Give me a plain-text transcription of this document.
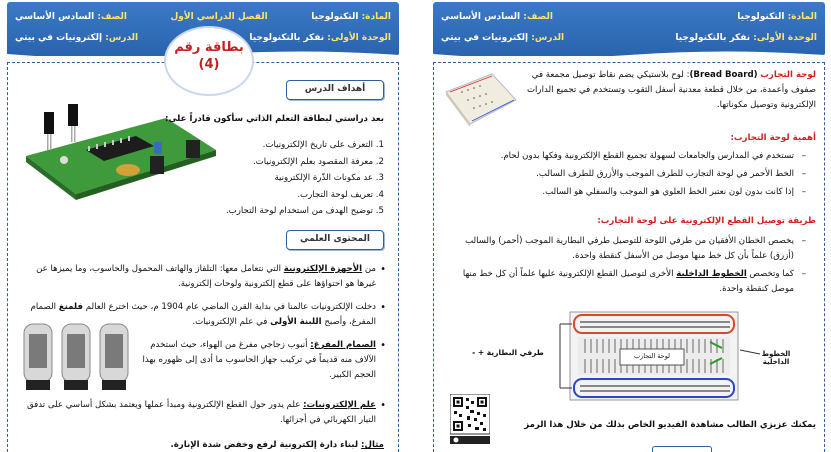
المادة: التكنولوجيا
الفصل الدراسي الأول
الصف: السادس الأساسي
الوحدة الأولى: نفكر بالتكنولوجيا
الدرس: إلكترونيات في بيتي
بطاقة رقم
(4)
أهداف الدرس
بعد دراستي لبطاقة التعلم الذاتي سأكون قادراً على:
1. التعرف على تاريخ الإلكترونيات.
2. معرفة المقصود بعلم الإلكترونيات.
3. عد مكونات الذّرة الإلكترونية
4. تعريف لوحة التجارب.
5. توضيح الهدف من استخدام لوحة التجارب.
المحتوى العلمي
• من الأجهزة الإلكترونية التي نتعامل معها: التلفاز والهاتف المحمول والحاسوب، وما يميزها عن غيرها هو احتواؤها على قطع إلكترونية ولوحات إلكترونية.
• دخلت الإلكترونيات عالمنا في بداية القرن الماضي عام 1904 م، حيث اخترع العالم فلمنغ الصمام المفرغ، وأصبح اللبنة الأولى في علم الإلكترونيات.
• الصمام المفرغ: أنبوب زجاجي مفرغ من الهواء، حيث استخدم الآلاف منه قديماً في تركيب جهاز الحاسوب ما أدى إلى ظهوره بهذا الحجم الكبير.
• علم الإلكترونيات: علم يدور حول القطع الإلكترونية ومبدأ عملها ويعتمد بشكل أساسي على تدفق التيار الكهربائي في أجزائها.
مثال: لبناء دارة إلكترونية لرفع وخفض شدة الإنارة.
المادة: التكنولوجيا
الصف: السادس الأساسي
الوحدة الأولى: نفكر بالتكنولوجيا
الدرس: إلكترونيات في بيتي
لوحة التجارب (Bread Board): لوح بلاستيكي يضم نقاط توصيل مجمعة في صفوف وأعمدة، من خلال قطعة معدنية أسفل الثقوب وتستخدم في تجميع الدارات الإلكترونية وتوصيل مكوناتها.
أهمية لوحة التجارب:
– تستخدم في المدارس والجامعات لسهولة تجميع القطع الإلكترونية وفكها بدون لحام.
– الخط الأحمر في لوحة التجارب للطرف الموجب والأزرق للطرف السالب.
– إذا كانت بدون لون نعتبر الخط العلوي هو الموجب والسفلي هو السالب.
طريقة توصيل القطع الإلكترونية على لوحة التجارب:
– يخصص الخطان الأفقيان من طرفي اللوحة للتوصيل طرفي البطارية الموجب (أحمر) والسالب (أزرق) علماً بأن كل خط منها موصل من الأسفل كنقطة واحدة.
– كما وتخصص الخطوط الداخلية الأخرى لتوصيل القطع الإلكترونية عليها علماً أن كل خط منها موصل كنقطة واحدة.
طرفي البطارية + -	لوحة التجارب	الخطوط الداخلية
يمكنك عزيزي الطالب مشاهدة الفيديو الخاص بذلك من خلال هذا الرمز
